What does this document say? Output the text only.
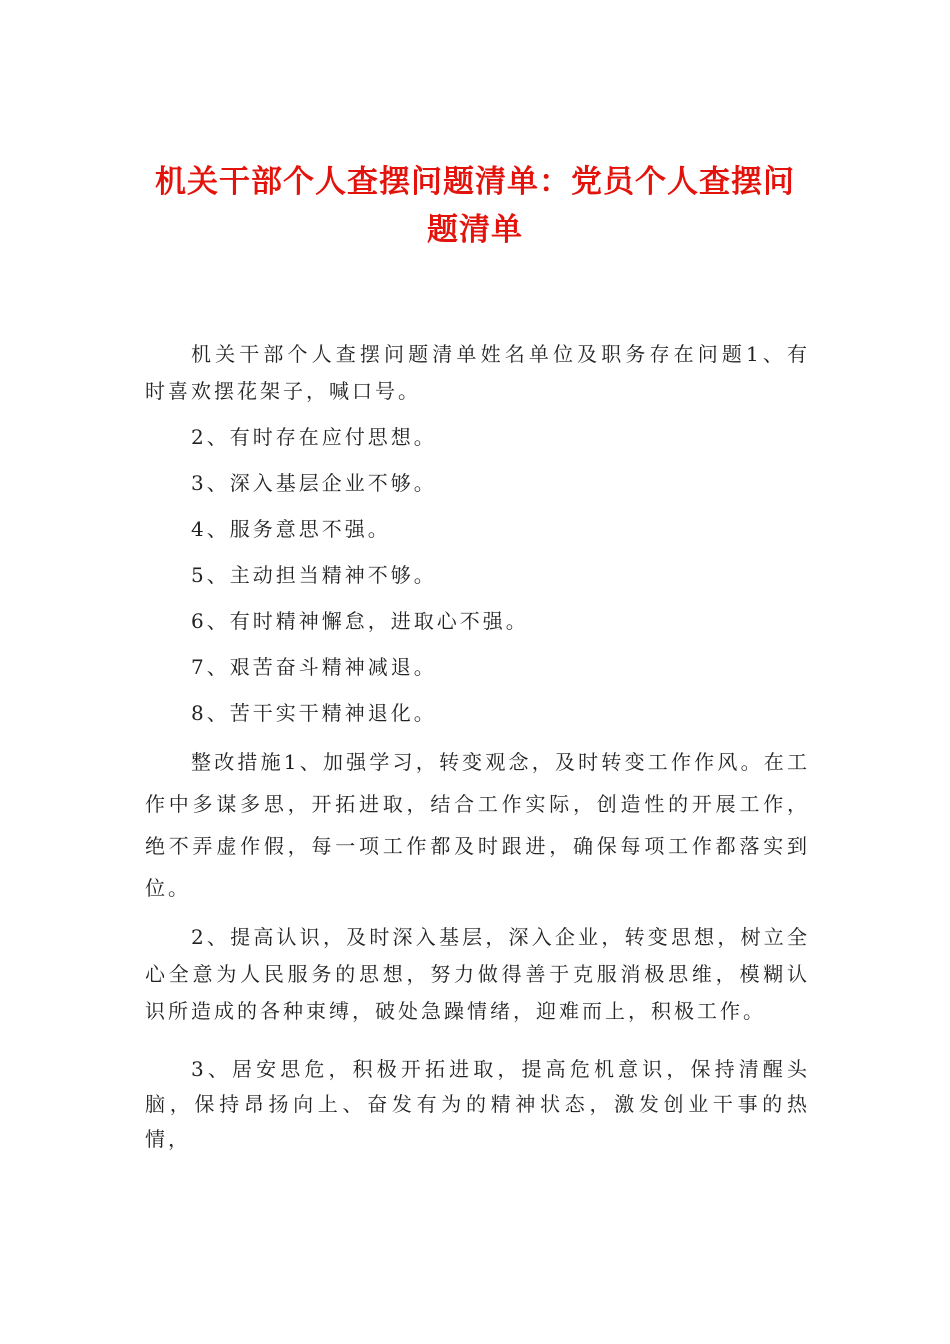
机关干部个人查摆问题清单：党员个人查摆问题清单

机关干部个人查摆问题清单姓名单位及职务存在问题1、有 时喜欢摆花架子，喊口号。

2、有时存在应付思想。

3、深入基层企业不够。

4、服务意思不强。

5、主动担当精神不够。

6、有时精神懈怠，进取心不强。

7、艰苦奋斗精神减退。

8、苦干实干精神退化。

整改措施1、加强学习，转变观念，及时转变工作作风。在工作中多谋多思，开拓进取，结合工作实际，创造性的开展工作，绝不弄虚作假，每一项工作都及时跟进，确保每项工作都落实到位。

2、提高认识，及时深入基层，深入企业，转变思想，树立全心全意为人民服务的思想，努力做得善于克服消极思维，模糊认识所造成的各种束缚，破处急躁情绪，迎难而上，积极工作。

3、居安思危，积极开拓进取，提高危机意识，保持清醒头脑，保持昂扬向上、奋发有为的精神状态，激发创业干事的热情，
